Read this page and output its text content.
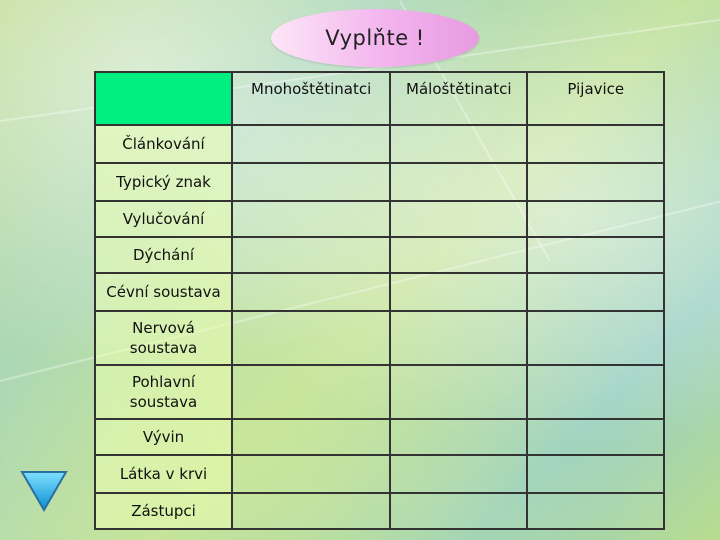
Vyplňte !
	Mnohoštětinatci	Máloštětinatci	Pijavice
Článkování			
Typický znak			
Vylučování			
Dýchání			
Cévní soustava			
Nervová soustava			
Pohlavní soustava			
Vývin			
Látka v krvi			
Zástupci			
